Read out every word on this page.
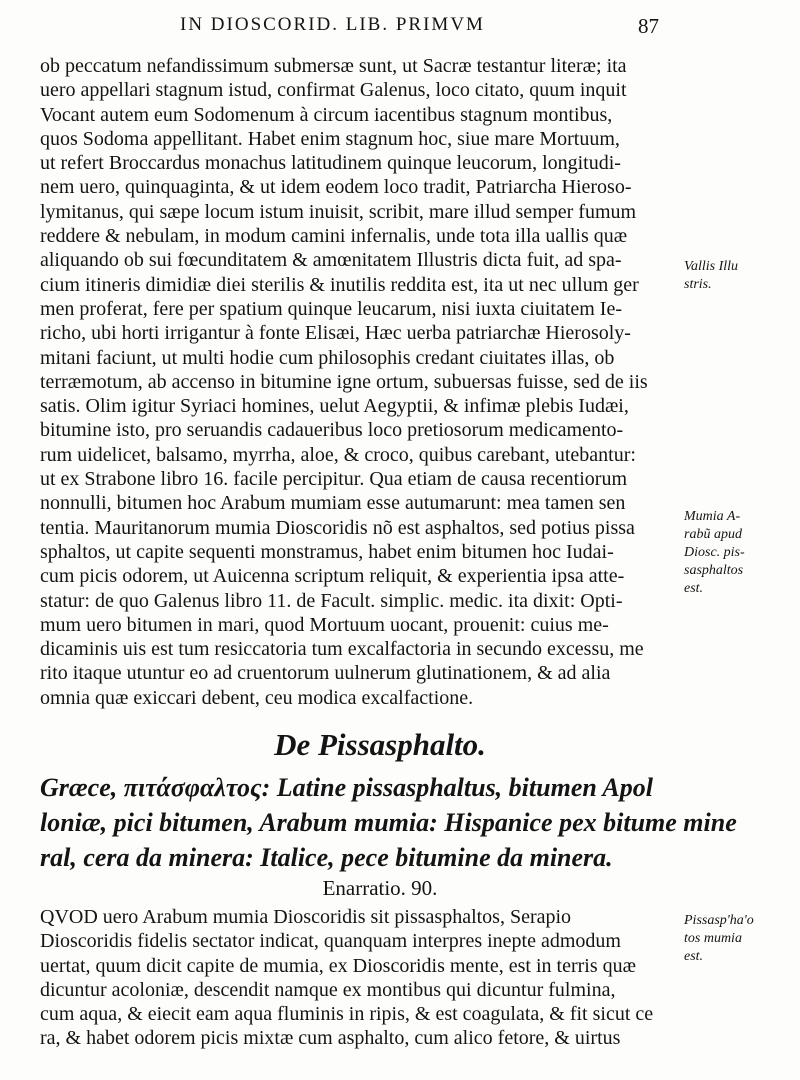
IN DIOSCORID. LIB. PRIMVM	87
ob peccatum nefandissimum submersæ sunt, ut Sacræ testantur literæ; ita
uero appellari stagnum istud, confirmat Galenus, loco citato, quum inquit
Vocant autem eum Sodomenum à circum iacentibus stagnum montibus,
quos Sodoma appellitant. Habet enim stagnum hoc, siue mare Mortuum,
ut refert Broccardus monachus latitudinem quinque leucorum, longitudi-
nem uero, quinquaginta, & ut idem eodem loco tradit, Patriarcha Hieroso-
lymitanus, qui sæpe locum istum inuisit, scribit, mare illud semper fumum
reddere & nebulam, in modum camini infernalis, unde tota illa uallis quæ
aliquando ob sui fœcunditatem & amœnitatem Illustris dicta fuit, ad spa-
cium itineris dimidiæ diei sterilis & inutilis reddita est, ita ut nec ullum ger
men proferat, fere per spatium quinque leucarum, nisi iuxta ciuitatem Ie-
richo, ubi horti irrigantur à fonte Elisæi, Hæc uerba patriarchæ Hierosoly-
mitani faciunt, ut multi hodie cum philosophis credant ciuitates illas, ob
terræmotum, ab accenso in bitumine igne ortum, subuersas fuisse, sed de iis
satis. Olim igitur Syriaci homines, uelut Aegyptii, & infimæ plebis Iudæi,
bitumine isto, pro seruandis cadaueribus loco pretiosorum medicamento-
rum uidelicet, balsamo, myrrha, aloe, & croco, quibus carebant, utebantur:
ut ex Strabone libro 16. facile percipitur. Qua etiam de causa recentiorum
nonnulli, bitumen hoc Arabum mumiam esse autumarunt: mea tamen sen
tentia. Mauritanorum mumia Dioscoridis nõ est asphaltos, sed potius pissa
sphaltos, ut capite sequenti monstramus, habet enim bitumen hoc Iudai-
cum picis odorem, ut Auicenna scriptum reliquit, & experientia ipsa atte-
statur: de quo Galenus libro 11. de Facult. simplic. medic. ita dixit: Opti-
mum uero bitumen in mari, quod Mortuum uocant, prouenit: cuius me-
dicaminis uis est tum resiccatoria tum excalfactoria in secundo excessu, me
rito itaque utuntur eo ad cruentorum uulnerum glutinationem, & ad alia
omnia quæ exiccari debent, ceu modica excalfactione.
De Pissasphalto.
Græce, πιτάσφαλτος: Latine pissasphaltus, bitumen Apol
loniæ, pici bitumen, Arabum mumia: Hispanice pex bitume mine
ral, cera da minera: Italice, pece bitumine da minera.
Enarratio. 90.
QVOD uero Arabum mumia Dioscoridis sit pissasphaltos, Serapio
Dioscoridis fidelis sectator indicat, quanquam interpres inepte admodum
uertat, quum dicit capite de mumia, ex Dioscoridis mente, est in terris quæ
dicuntur acoloniæ, descendit namque ex montibus qui dicuntur fulmina,
cum aqua, & eiecit eam aqua fluminis in ripis, & est coagulata, & fit sicut ce
ra, & habet odorem picis mixtæ cum asphalto, cum alico fetore, & uirtus
Vallis Illu
stris.
Mumia A-
rabũ apud
Diosc. pis-
sasphaltos
est.
Pissasp'ha'o
tos mumia
est.
